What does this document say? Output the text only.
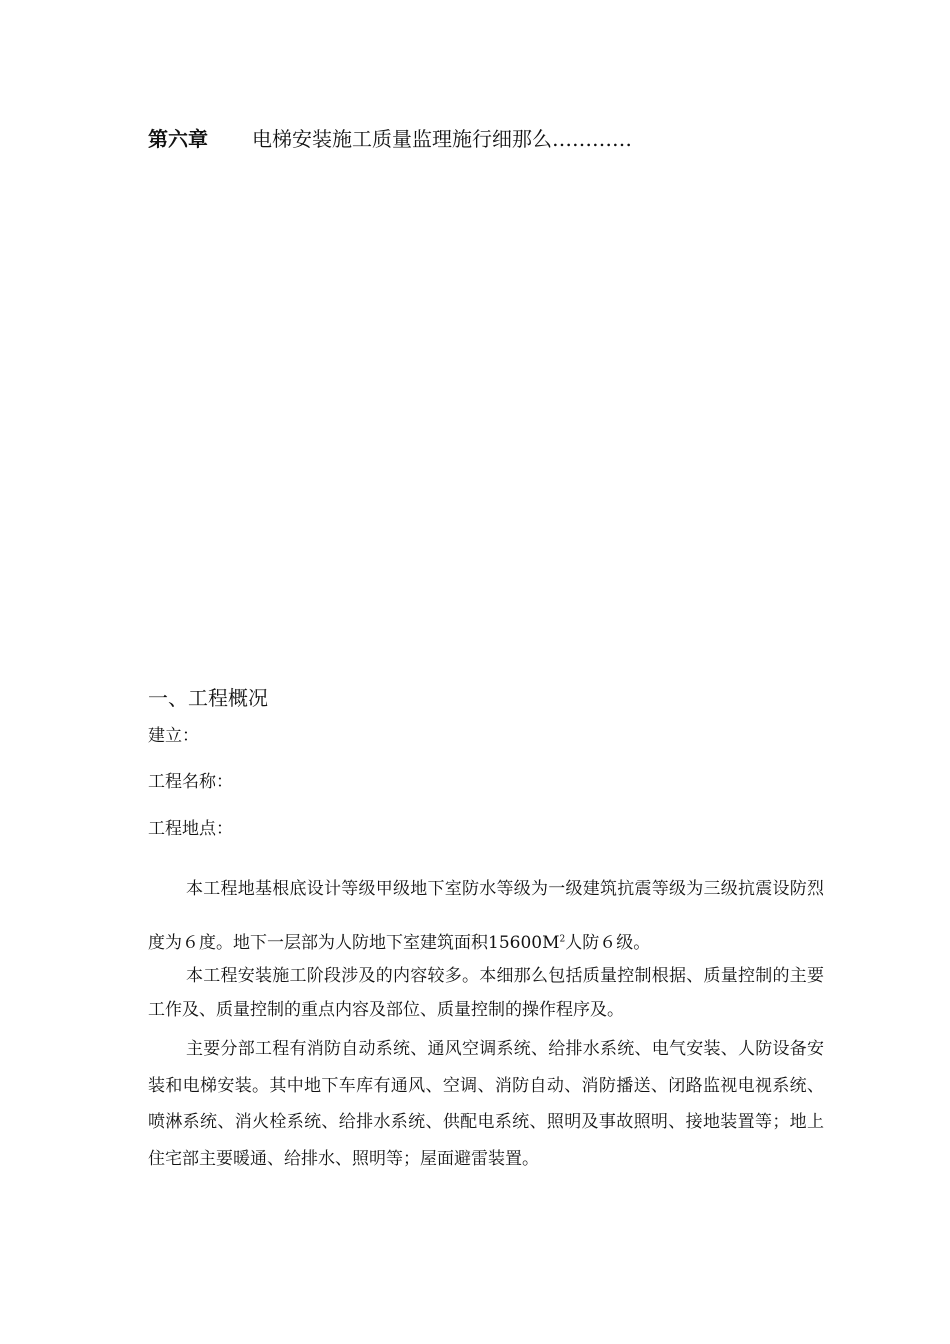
第六章 电梯安装施工质量监理施行细那么…………
一、工程概况
建立：
工程名称：
工程地点：

本工程地基根底设计等级甲级地下室防水等级为一级建筑抗震等级为三级抗震设防烈度为６度。地下一层部为人防地下室建筑面积$15600M^2$人防６级。

本工程安装施工阶段涉及的内容较多。本细那么包括质量控制根据、质量控制的主要工作及、质量控制的重点内容及部位、质量控制的操作程序及。

主要分部工程有消防自动系统、通风空调系统、给排水系统、电气安装、人防设备安装和电梯安装。其中地下车库有通风、空调、消防自动、消防播送、闭路监视电视系统、喷淋系统、消火栓系统、给排水系统、供配电系统、照明及事故照明、接地装置等；地上住宅部主要暖通、给排水、照明等；屋面避雷装置。
